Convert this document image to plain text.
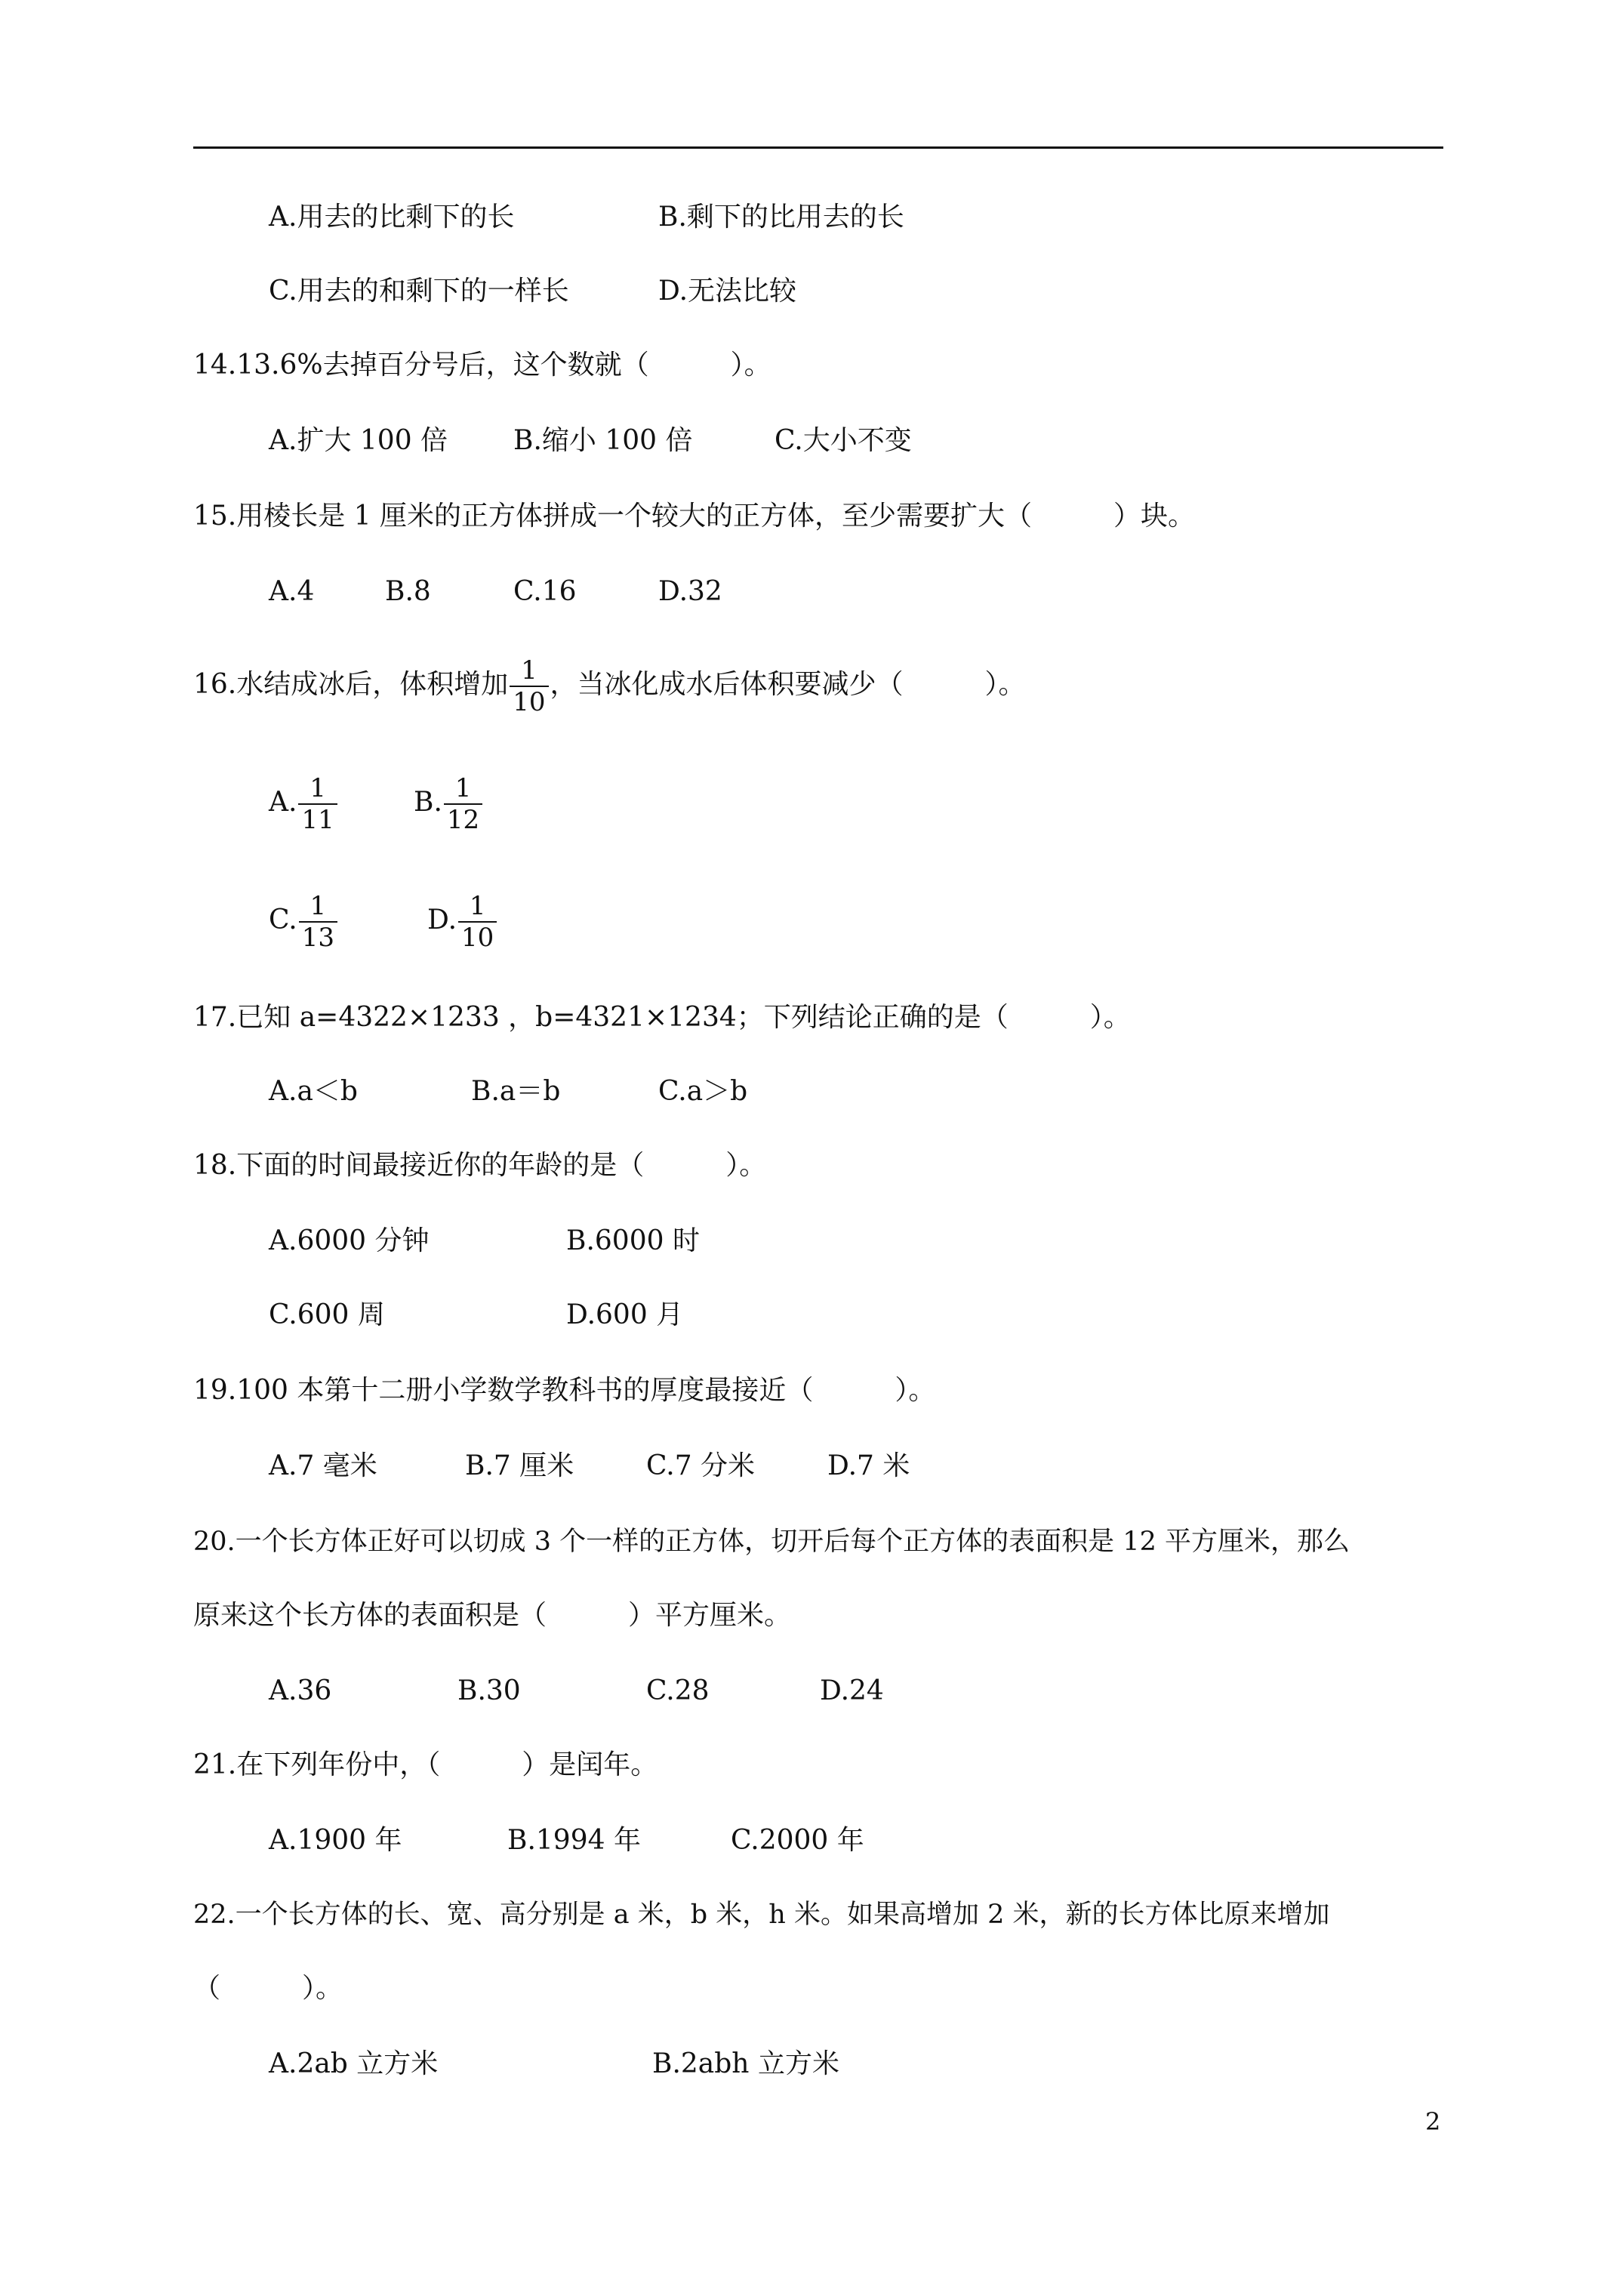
A.用去的比剩下的长	B.剩下的比用去的长
C.用去的和剩下的一样长	D.无法比较
14.13.6%去掉百分号后，这个数就（　　　）。
A.扩大 100 倍 B.缩小 100 倍	C.大小不变
15.用棱长是 1 厘米的正方体拼成一个较大的正方体，至少需要扩大（　　　）块。
A.4	B.8	C.16	D.32
16.水结成冰后，体积增加 $\frac{1}{10}$ ，当冰化成水后体积要减少（　　　）。
A. $\frac{1}{11}$	B. $\frac{1}{12}$
C. $\frac{1}{13}$	D. $\frac{1}{10}$
17.已知 a=4322×1233 ，b=4321×1234；下列结论正确的是（　　　）。
A.a＜b	B.a＝b	C.a＞b
18.下面的时间最接近你的年龄的是（　　　）。
A.6000 分钟	B.6000 时
C.600 周	D.600 月
19.100 本第十二册小学数学教科书的厚度最接近（　　　）。
A.7 毫米	B.7 厘米	C.7 分米	D.7 米
20.一个长方体正好可以切成 3 个一样的正方体，切开后每个正方体的表面积是 12 平方厘米，那么
原来这个长方体的表面积是（　　　）平方厘米。
A.36	B.30	C.28	D.24
21.在下列年份中，（　　　）是闰年。
A.1900 年	B.1994 年	C.2000 年
22.一个长方体的长、宽、高分别是 a 米，b 米，h 米。如果高增加 2 米，新的长方体比原来增加
（　　　）。
A.2ab 立方米	B.2abh 立方米
2
